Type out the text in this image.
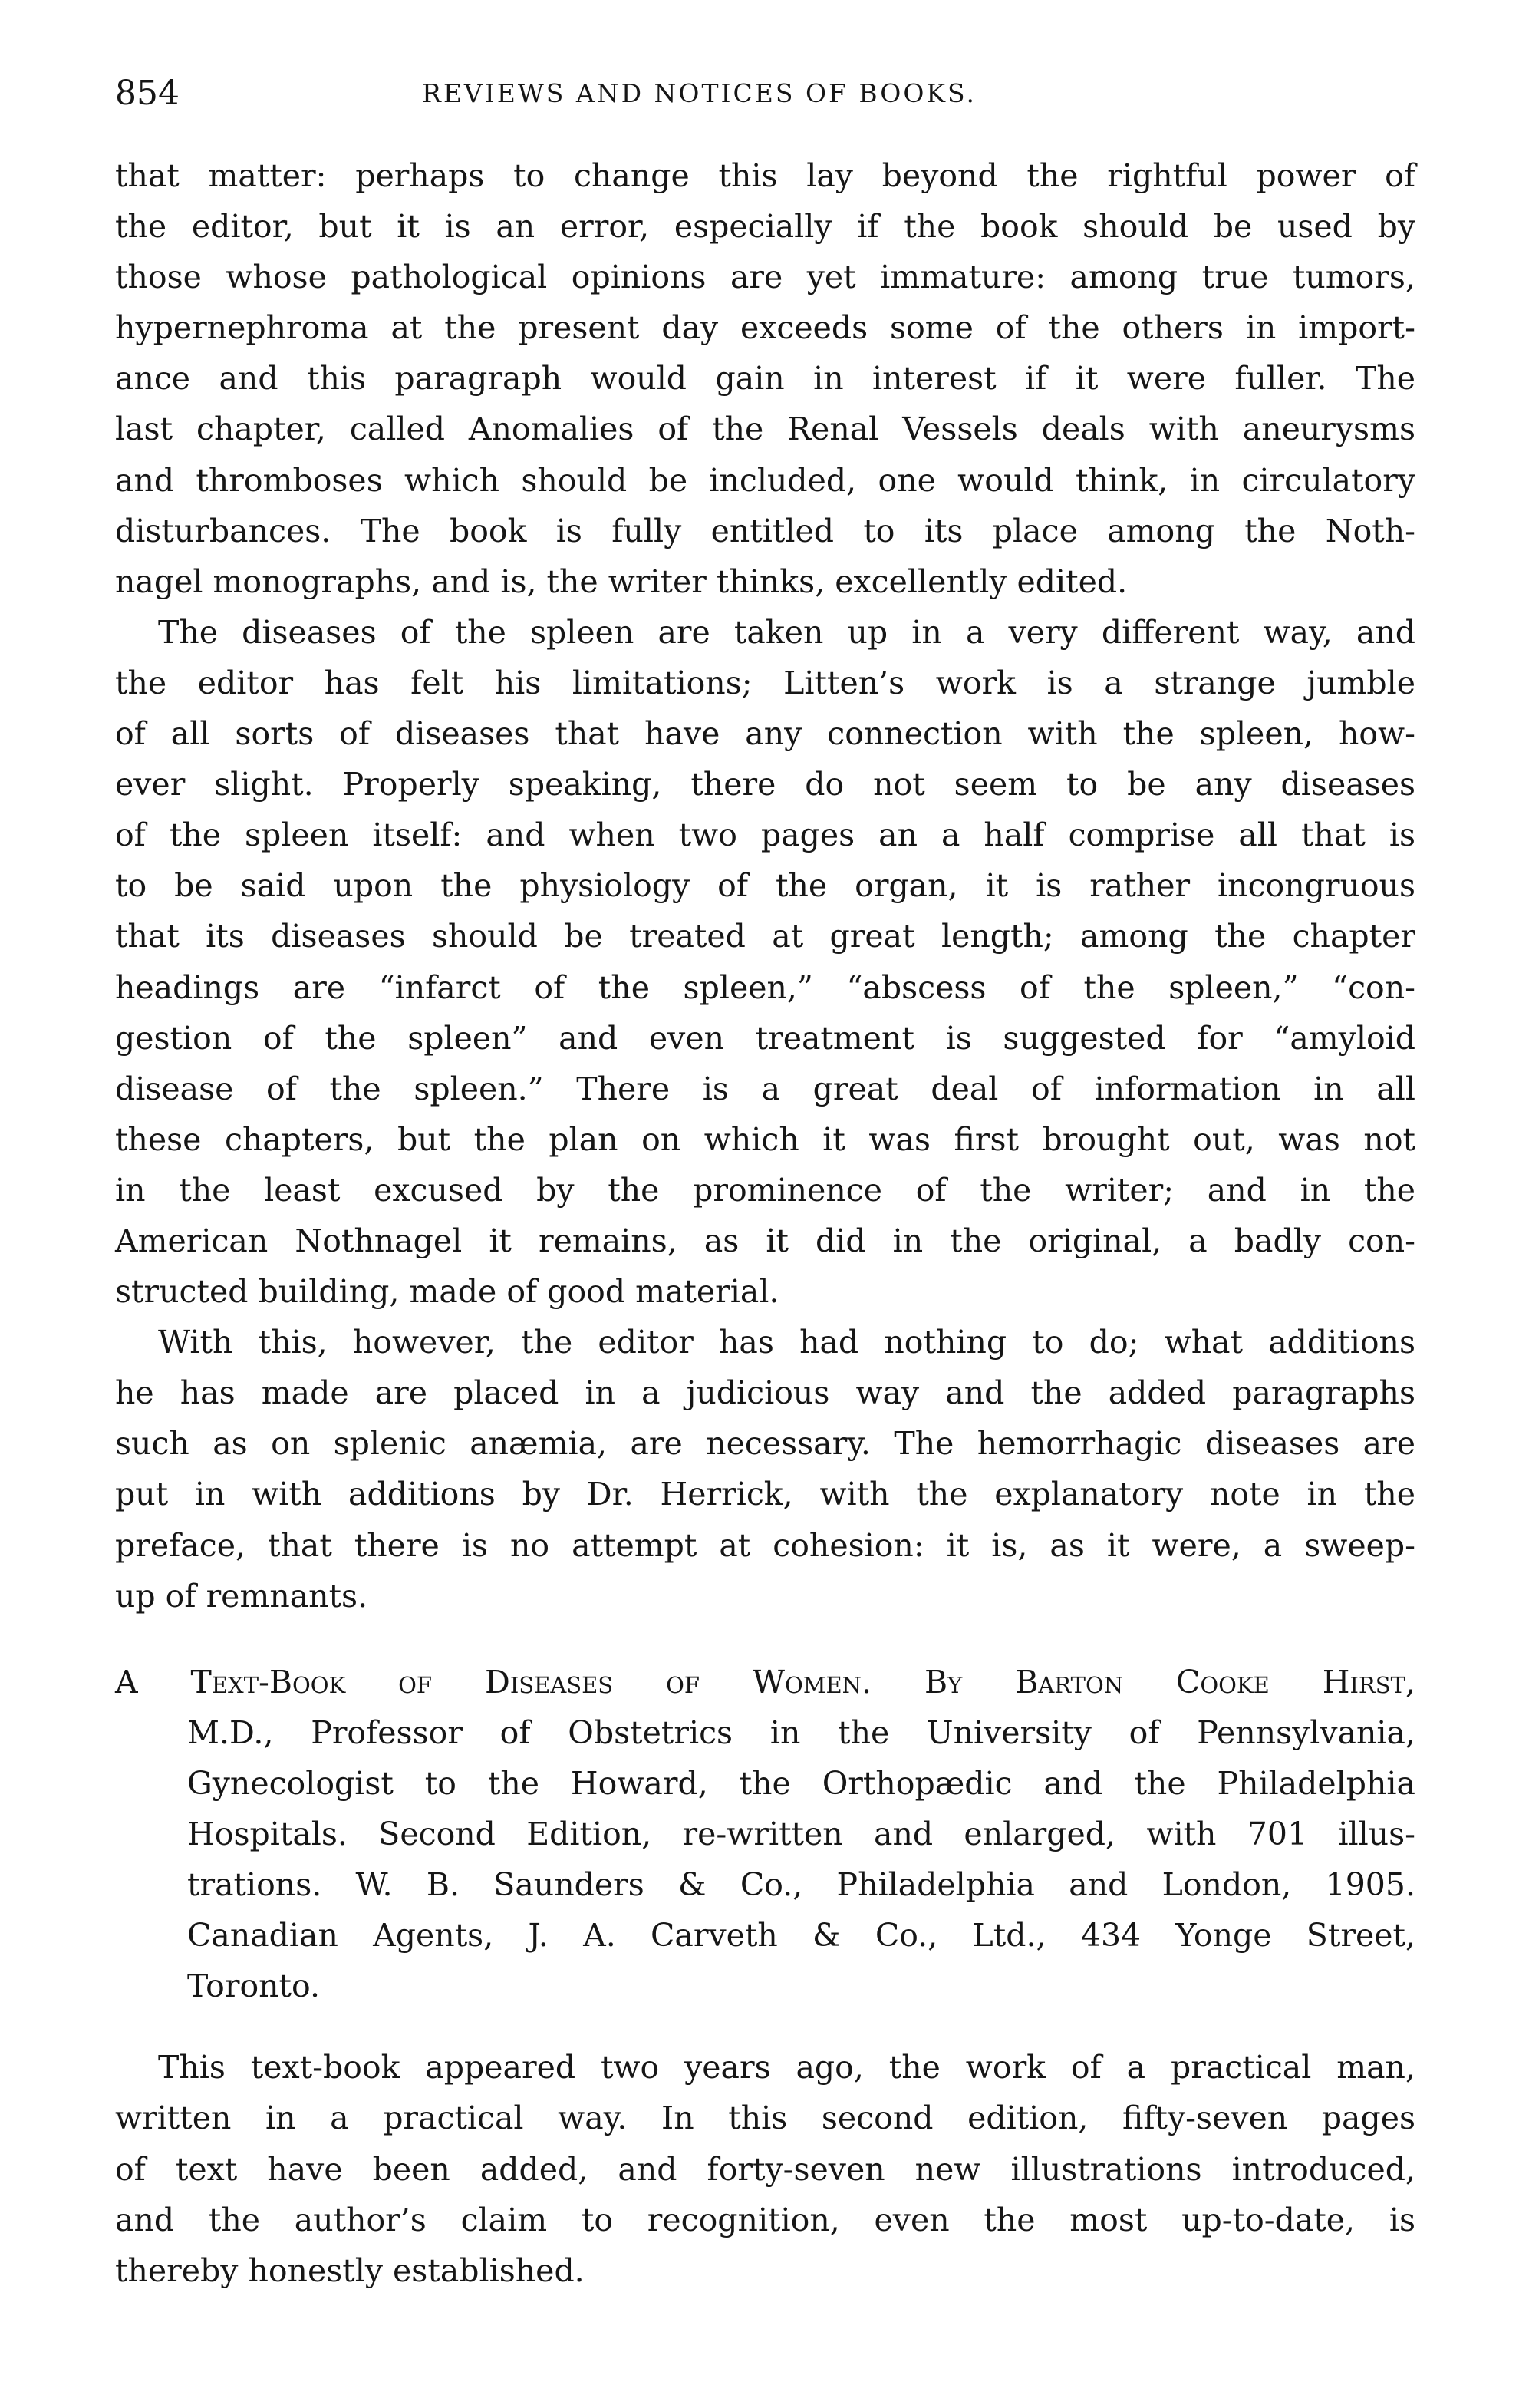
854	REVIEWS AND NOTICES OF BOOKS.
that matter: perhaps to change this lay beyond the rightful power of
the editor, but it is an error, especially if the book should be used by
those whose pathological opinions are yet immature: among true tumors,
hypernephroma at the present day exceeds some of the others in import-
ance and this paragraph would gain in interest if it were fuller. The
last chapter, called Anomalies of the Renal Vessels deals with aneurysms
and thromboses which should be included, one would think, in circulatory
disturbances. The book is fully entitled to its place among the Noth-
nagel monographs, and is, the writer thinks, excellently edited.
The diseases of the spleen are taken up in a very different way, and
the editor has felt his limitations; Litten’s work is a strange jumble
of all sorts of diseases that have any connection with the spleen, how-
ever slight. Properly speaking, there do not seem to be any diseases
of the spleen itself: and when two pages an a half comprise all that is
to be said upon the physiology of the organ, it is rather incongruous
that its diseases should be treated at great length; among the chapter
headings are “infarct of the spleen,” “abscess of the spleen,” “con-
gestion of the spleen” and even treatment is suggested for “amyloid
disease of the spleen.” There is a great deal of information in all
these chapters, but the plan on which it was first brought out, was not
in the least excused by the prominence of the writer; and in the
American Nothnagel it remains, as it did in the original, a badly con-
structed building, made of good material.
With this, however, the editor has had nothing to do; what additions
he has made are placed in a judicious way and the added paragraphs
such as on splenic anæmia, are necessary. The hemorrhagic diseases are
put in with additions by Dr. Herrick, with the explanatory note in the
preface, that there is no attempt at cohesion: it is, as it were, a sweep-
up of remnants.
A Text-Book of Diseases of Women. By Barton Cooke Hirst,
M.D., Professor of Obstetrics in the University of Pennsylvania,
Gynecologist to the Howard, the Orthopædic and the Philadelphia
Hospitals. Second Edition, re-written and enlarged, with 701 illus-
trations. W. B. Saunders & Co., Philadelphia and London, 1905.
Canadian Agents, J. A. Carveth & Co., Ltd., 434 Yonge Street,
Toronto.
This text-book appeared two years ago, the work of a practical man,
written in a practical way. In this second edition, fifty-seven pages
of text have been added, and forty-seven new illustrations introduced,
and the author’s claim to recognition, even the most up-to-date, is
thereby honestly established.
